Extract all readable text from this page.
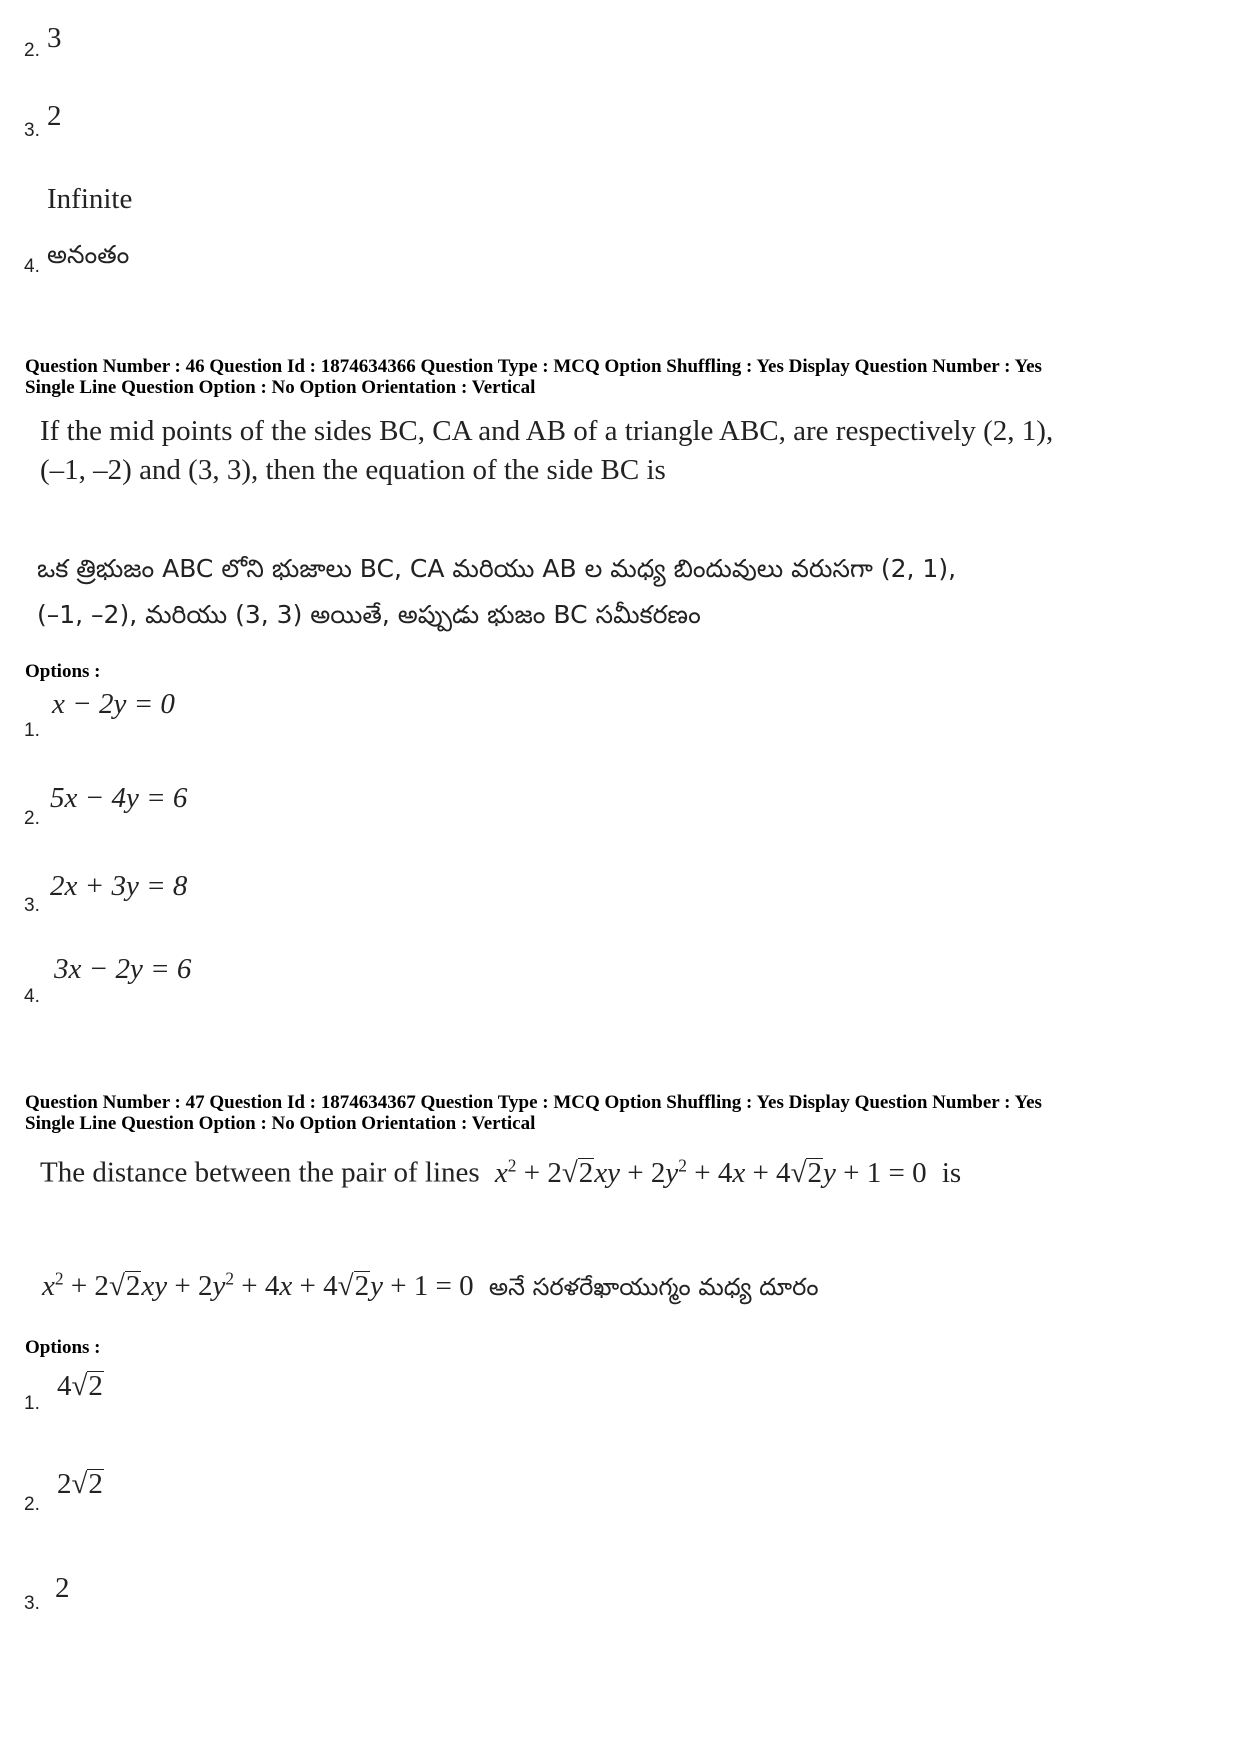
2. 3
3. 2
Infinite
4. అనంతం
Question Number : 46 Question Id : 1874634366 Question Type : MCQ Option Shuffling : Yes Display Question Number : Yes
Single Line Question Option : No Option Orientation : Vertical
If the mid points of the sides BC, CA and AB of a triangle ABC, are respectively (2, 1),
(–1, –2) and (3, 3), then the equation of the side BC is
ఒక త్రిభుజం ABC లోని భుజాలు BC, CA మరియు AB ల మధ్య బిందువులు వరుసగా (2, 1),
(–1, –2), మరియు (3, 3) అయితే, అప్పుడు భుజం BC సమీకరణం
Options :
1.
x − 2y = 0
2.
5x − 4y = 6
3.
2x + 3y = 8
4.
3x − 2y = 6
Question Number : 47 Question Id : 1874634367 Question Type : MCQ Option Shuffling : Yes Display Question Number : Yes
Single Line Question Option : No Option Orientation : Vertical
The distance between the pair of lines $x^2 + 2√2xy + 2y^2 + 4x + 4√2y + 1 = 0$ is
$x^2 + 2√2xy + 2y^2 + 4x + 4√2y + 1 = 0$ అనే సరళరేఖాయుగ్మం మధ్య దూరం
Options :
1.
4√2
2.
2√2
3. 2
